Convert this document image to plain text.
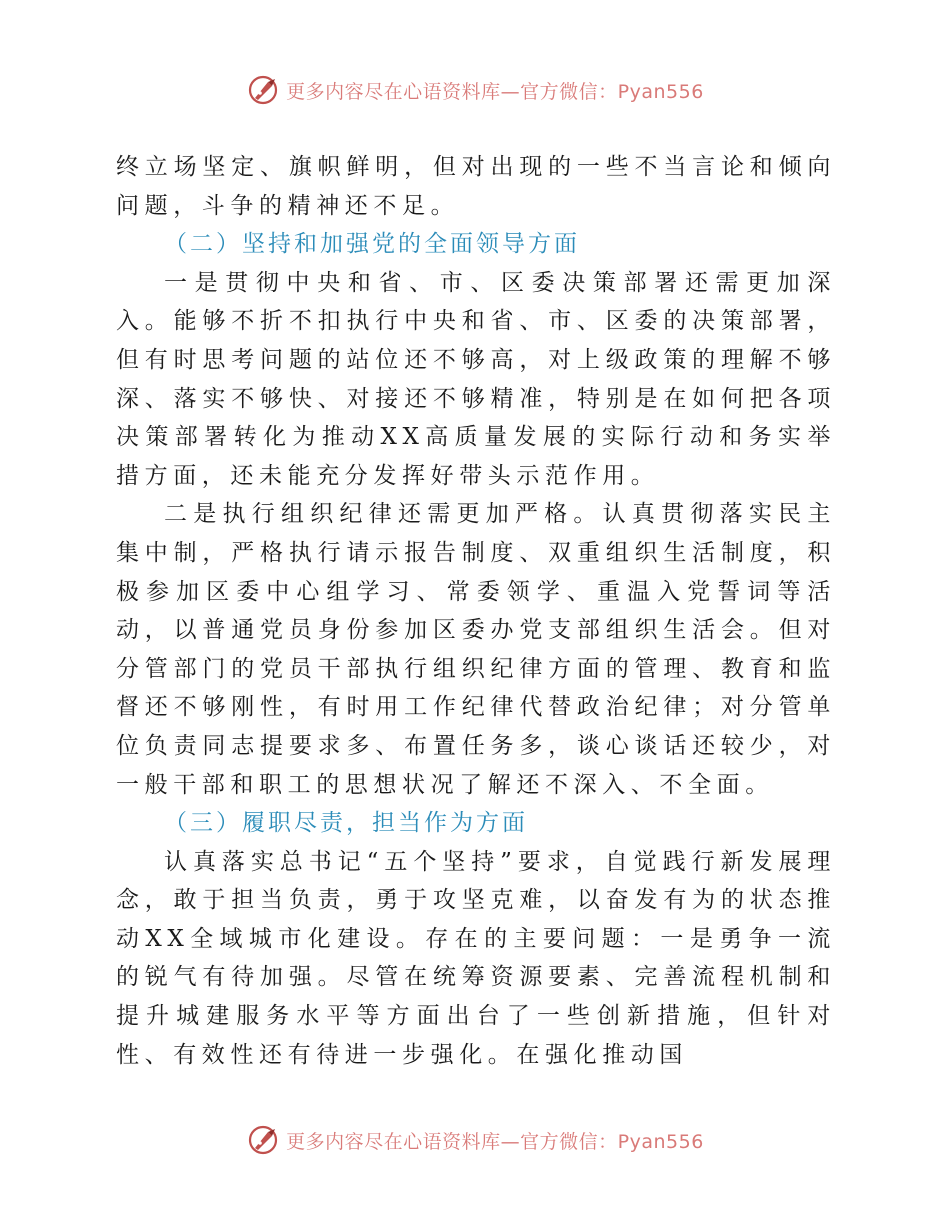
更多内容尽在心语资料库—官方微信：Pyan556

终立场坚定、旗帜鲜明，但对出现的一些不当言论和倾向问题，斗争的精神还不足。

（二）坚持和加强党的全面领导方面

一是贯彻中央和省、市、区委决策部署还需更加深入。能够不折不扣执行中央和省、市、区委的决策部署，但有时思考问题的站位还不够高，对上级政策的理解不够深、落实不够快、对接还不够精准，特别是在如何把各项决策部署转化为推动XX高质量发展的实际行动和务实举措方面，还未能充分发挥好带头示范作用。

二是执行组织纪律还需更加严格。认真贯彻落实民主集中制，严格执行请示报告制度、双重组织生活制度，积极参加区委中心组学习、常委领学、重温入党誓词等活动，以普通党员身份参加区委办党支部组织生活会。但对分管部门的党员干部执行组织纪律方面的管理、教育和监督还不够刚性，有时用工作纪律代替政治纪律；对分管单位负责同志提要求多、布置任务多，谈心谈话还较少，对一般干部和职工的思想状况了解还不深入、不全面。

（三）履职尽责，担当作为方面

认真落实总书记“五个坚持”要求，自觉践行新发展理念，敢于担当负责，勇于攻坚克难，以奋发有为的状态推动XX全域城市化建设。存在的主要问题：一是勇争一流的锐气有待加强。尽管在统筹资源要素、完善流程机制和提升城建服务水平等方面出台了一些创新措施，但针对性、有效性还有待进一步强化。在强化推动国

更多内容尽在心语资料库—官方微信：Pyan556
